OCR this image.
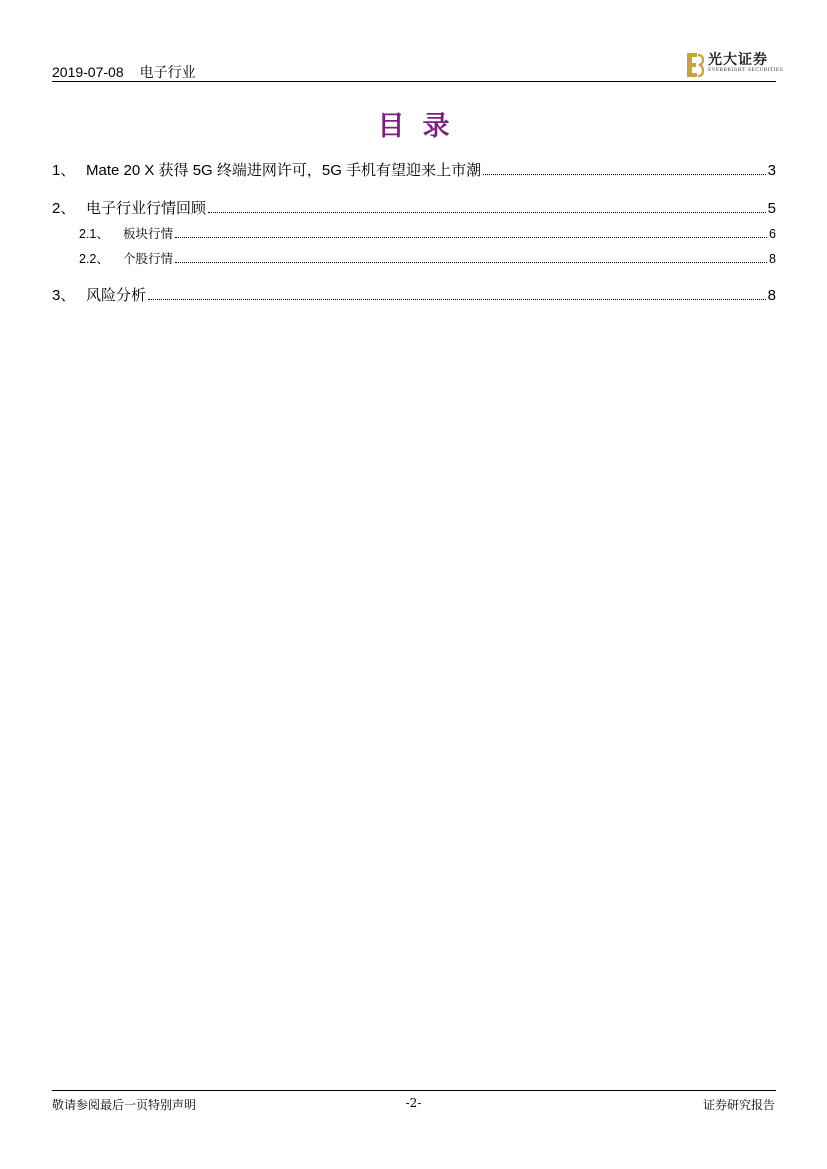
2019-07-08 电子行业
光大证券
EVERBRIGHT SECURITIES
目录
1、 Mate 20 X 获得 5G 终端进网许可，5G 手机有望迎来上市潮	3
2、 电子行业行情回顾	5
2.1、	板块行情	6
2.2、	个股行情	8
3、 风险分析	8
敬请参阅最后一页特别声明	-2-	证券研究报告
